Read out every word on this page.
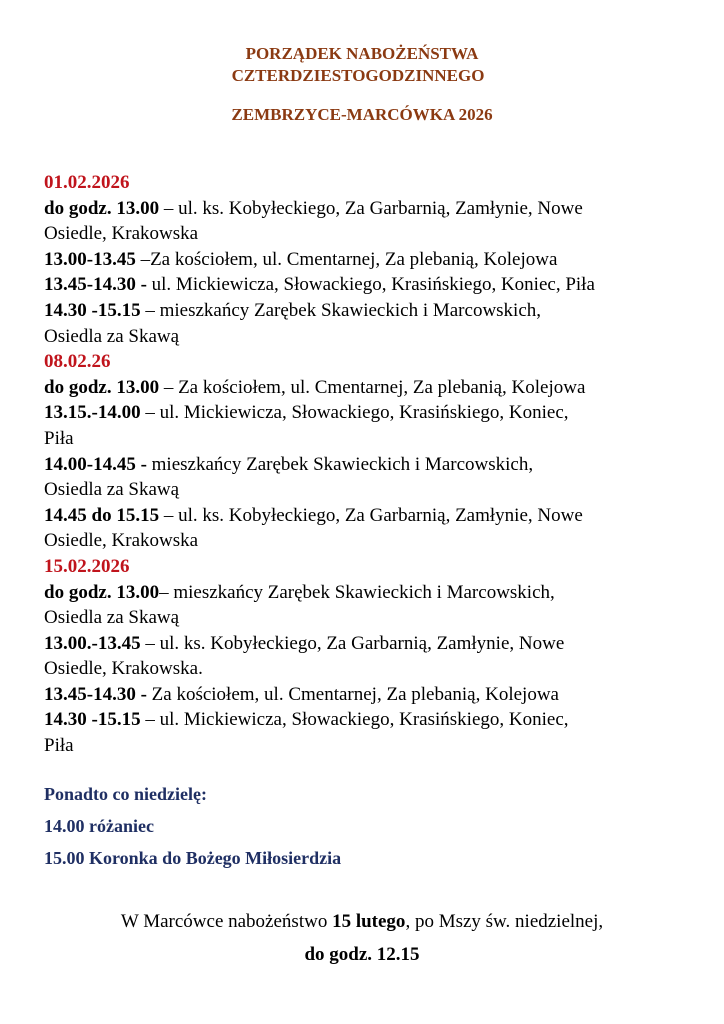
PORZĄDEK NABOŻEŃSTWA
CZTERDZIESTOGODZINNEGO
ZEMBRZYCE-MARCÓWKA 2026
01.02.2026
do godz. 13.00 – ul. ks. Kobyłeckiego, Za Garbarnią, Zamłynie, Nowe
Osiedle, Krakowska
13.00-13.45 –Za kościołem, ul. Cmentarnej, Za plebanią, Kolejowa
13.45-14.30 - ul. Mickiewicza, Słowackiego, Krasińskiego, Koniec, Piła
14.30 -15.15 – mieszkańcy Zarębek Skawieckich i Marcowskich,
Osiedla za Skawą
08.02.26
do godz. 13.00 – Za kościołem, ul. Cmentarnej, Za plebanią, Kolejowa
13.15.-14.00 – ul. Mickiewicza, Słowackiego, Krasińskiego, Koniec,
Piła
14.00-14.45 - mieszkańcy Zarębek Skawieckich i Marcowskich,
Osiedla za Skawą
14.45 do 15.15 – ul. ks. Kobyłeckiego, Za Garbarnią, Zamłynie, Nowe
Osiedle, Krakowska
15.02.2026
do godz. 13.00– mieszkańcy Zarębek Skawieckich i Marcowskich,
Osiedla za Skawą
13.00.-13.45 – ul. ks. Kobyłeckiego, Za Garbarnią, Zamłynie, Nowe
Osiedle, Krakowska.
13.45-14.30 - Za kościołem, ul. Cmentarnej, Za plebanią, Kolejowa
14.30 -15.15 – ul. Mickiewicza, Słowackiego, Krasińskiego, Koniec,
Piła
Ponadto co niedzielę:
14.00 różaniec
15.00 Koronka do Bożego Miłosierdzia
W Marcówce nabożeństwo 15 lutego, po Mszy św. niedzielnej,
do godz. 12.15
